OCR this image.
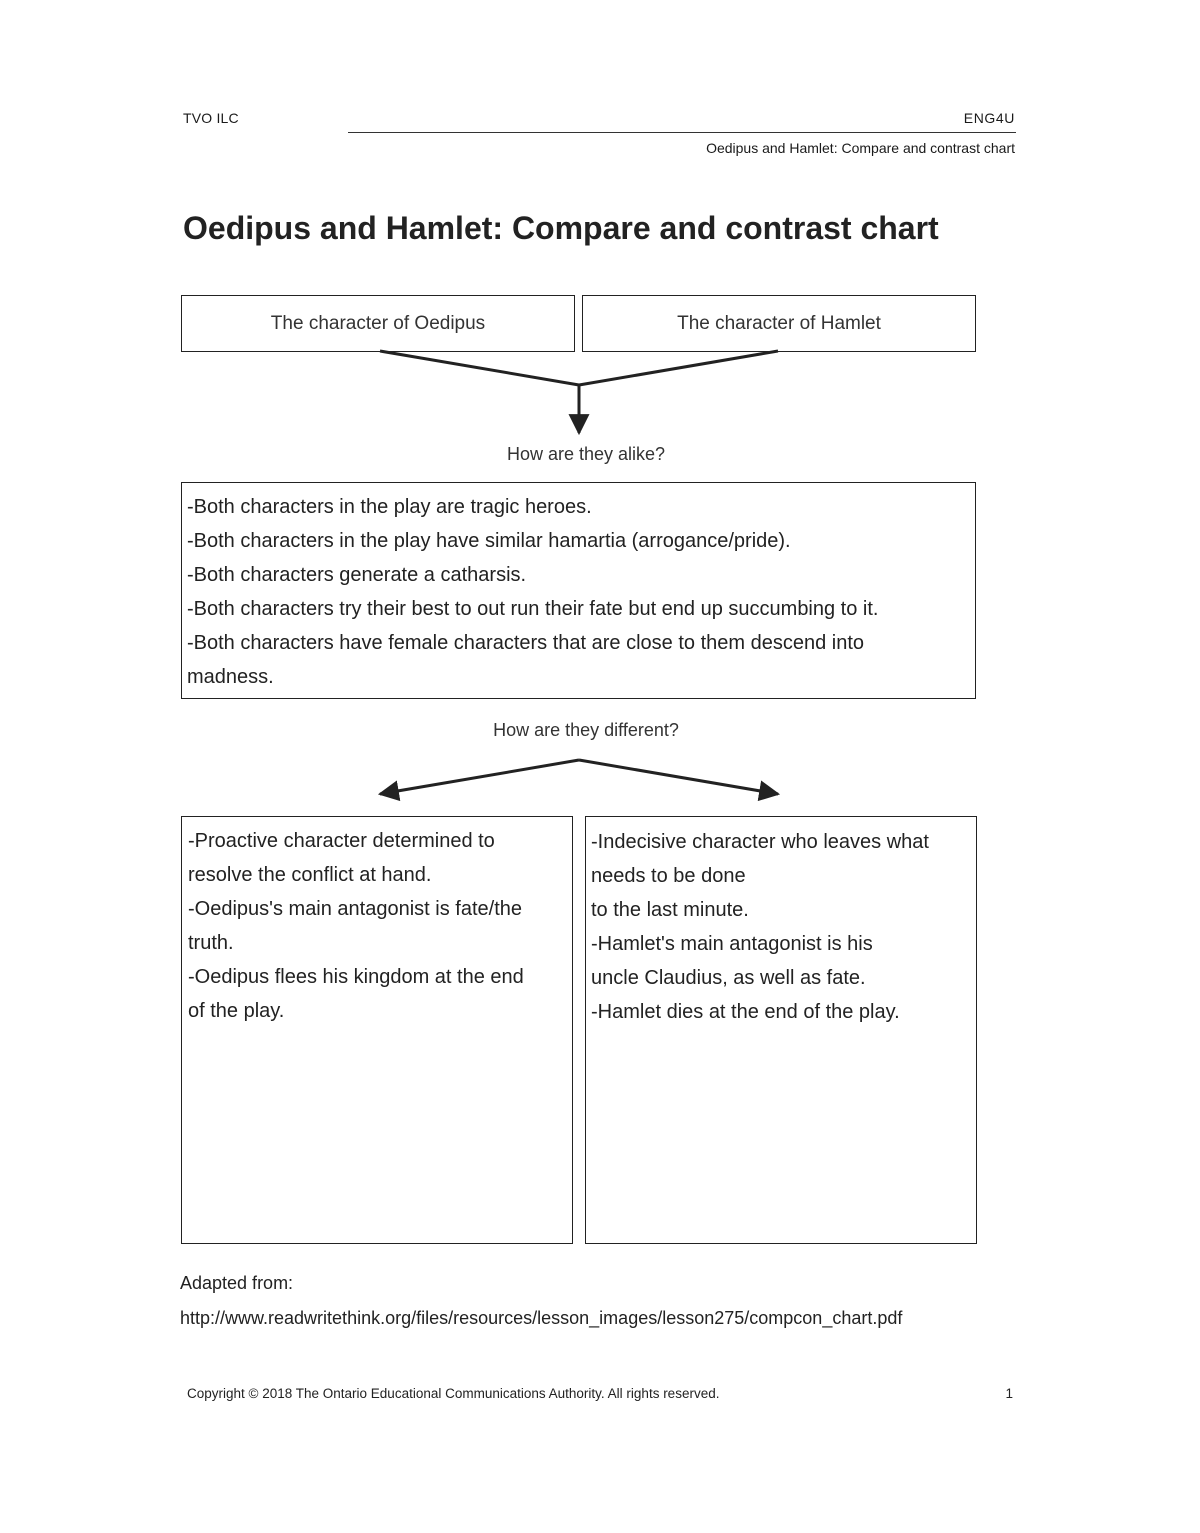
TVO ILC	ENG4U
Oedipus and Hamlet: Compare and contrast chart
Oedipus and Hamlet: Compare and contrast chart
The character of Oedipus	The character of Hamlet
How are they alike?
-Both characters in the play are tragic heroes.
-Both characters in the play have similar hamartia (arrogance/pride).
-Both characters generate a catharsis.
-Both characters try their best to out run their fate but end up succumbing to it.
-Both characters have female characters that are close to them descend into
madness.
How are they different?
-Proactive character determined to
resolve the conflict at hand.
-Oedipus's main antagonist is fate/the
truth.
-Oedipus flees his kingdom at the end
of the play.
-Indecisive character who leaves what
needs to be done
to the last minute.
-Hamlet's main antagonist is his
uncle Claudius, as well as fate.
-Hamlet dies at the end of the play.
Adapted from:
http://www.readwritethink.org/files/resources/lesson_images/lesson275/compcon_chart.pdf
Copyright © 2018 The Ontario Educational Communications Authority. All rights reserved.	1
